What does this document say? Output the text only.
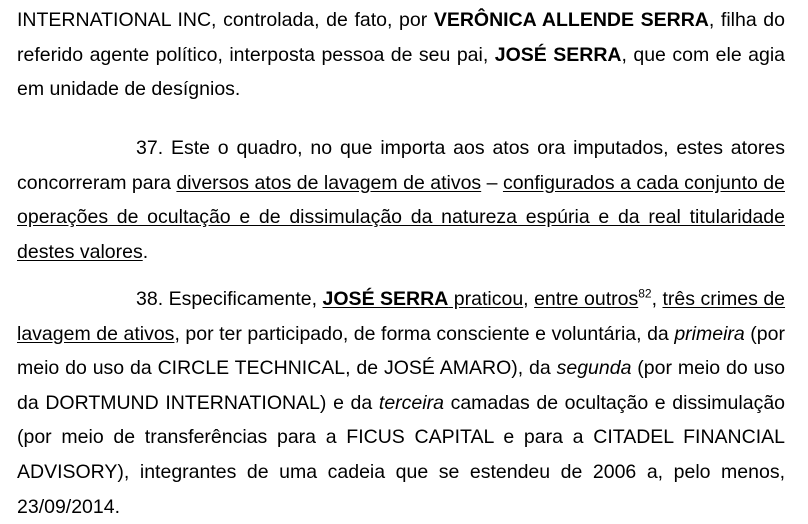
INTERNATIONAL INC, controlada, de fato, por VERÔNICA ALLENDE SERRA, filha do referido agente político, interposta pessoa de seu pai, JOSÉ SERRA, que com ele agia em unidade de desígnios.

37. Este o quadro, no que importa aos atos ora imputados, estes atores concorreram para diversos atos de lavagem de ativos – configurados a cada conjunto de operações de ocultação e de dissimulação da natureza espúria e da real titularidade destes valores.

38. Especificamente, JOSÉ SERRA praticou, entre outros$^{82}$, três crimes de lavagem de ativos, por ter participado, de forma consciente e voluntária, da primeira (por meio do uso da CIRCLE TECHNICAL, de JOSÉ AMARO), da segunda (por meio do uso da DORTMUND INTERNATIONAL) e da terceira camadas de ocultação e dissimulação (por meio de transferências para a FICUS CAPITAL e para a CITADEL FINANCIAL ADVISORY), integrantes de uma cadeia que se estendeu de 2006 a, pelo menos, 23/09/2014.
